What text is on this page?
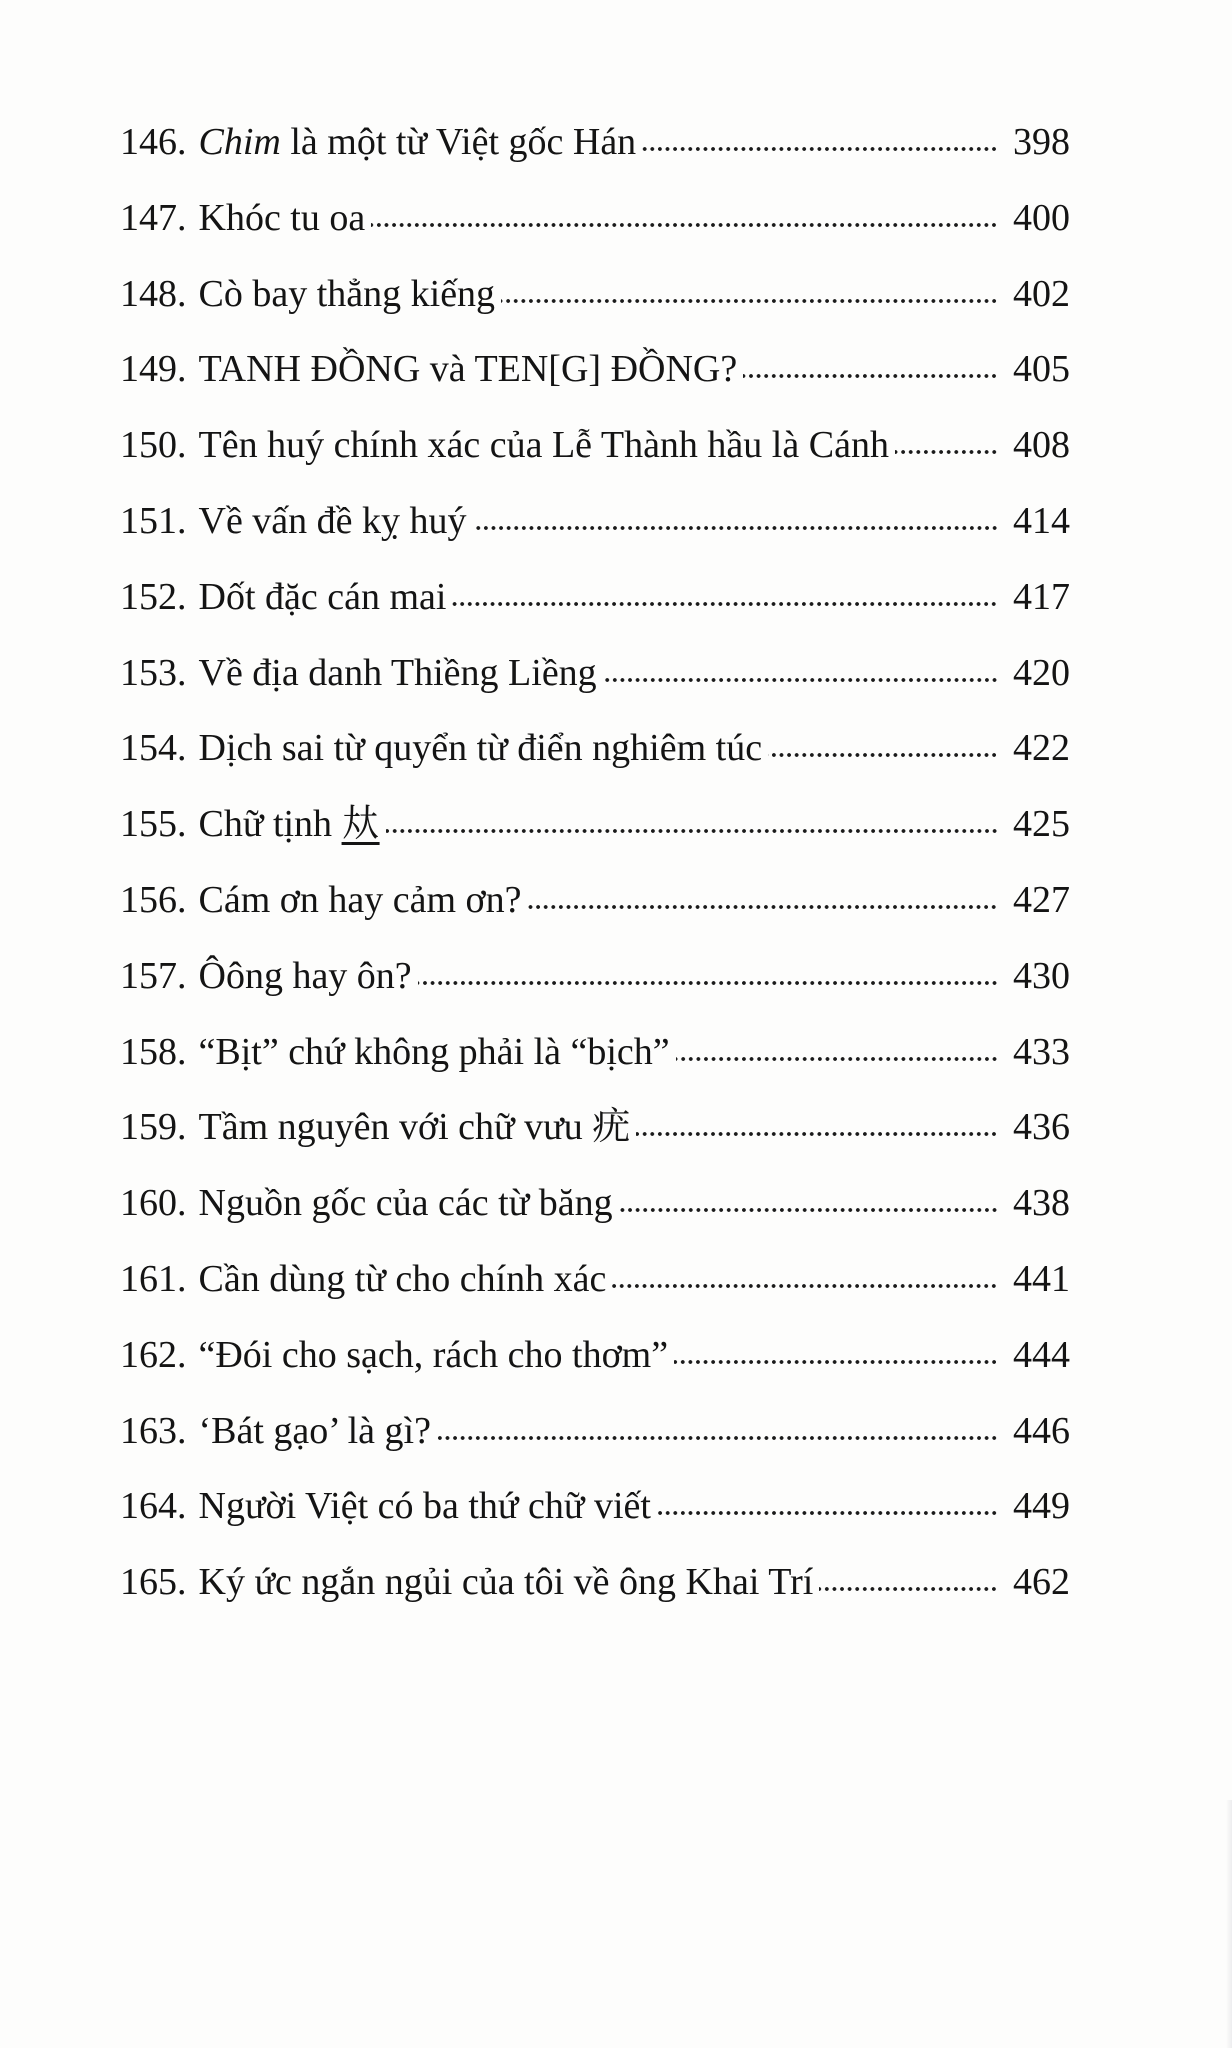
146. Chim là một từ Việt gốc Hán	398
147. Khóc tu oa	400
148. Cò bay thẳng kiếng	402
149. TANH ĐỒNG và TEN[G] ĐỒNG?	405
150. Tên huý chính xác của Lễ Thành hầu là Cánh	408
151. Về vấn đề kỵ huý	414
152. Dốt đặc cán mai	417
153. Về địa danh Thiềng Liềng	420
154. Dịch sai từ quyển từ điển nghiêm túc	422
155. Chữ tịnh 夶	425
156. Cám ơn hay cảm ơn?	427
157. Ôông hay ôn?	430
158. “Bịt” chứ không phải là “bịch”	433
159. Tầm nguyên với chữ vưu 疣	436
160. Nguồn gốc của các từ băng	438
161. Cần dùng từ cho chính xác	441
162. “Đói cho sạch, rách cho thơm”	444
163. ‘Bát gạo’ là gì?	446
164. Người Việt có ba thứ chữ viết	449
165. Ký ức ngắn ngủi của tôi về ông Khai Trí	462
